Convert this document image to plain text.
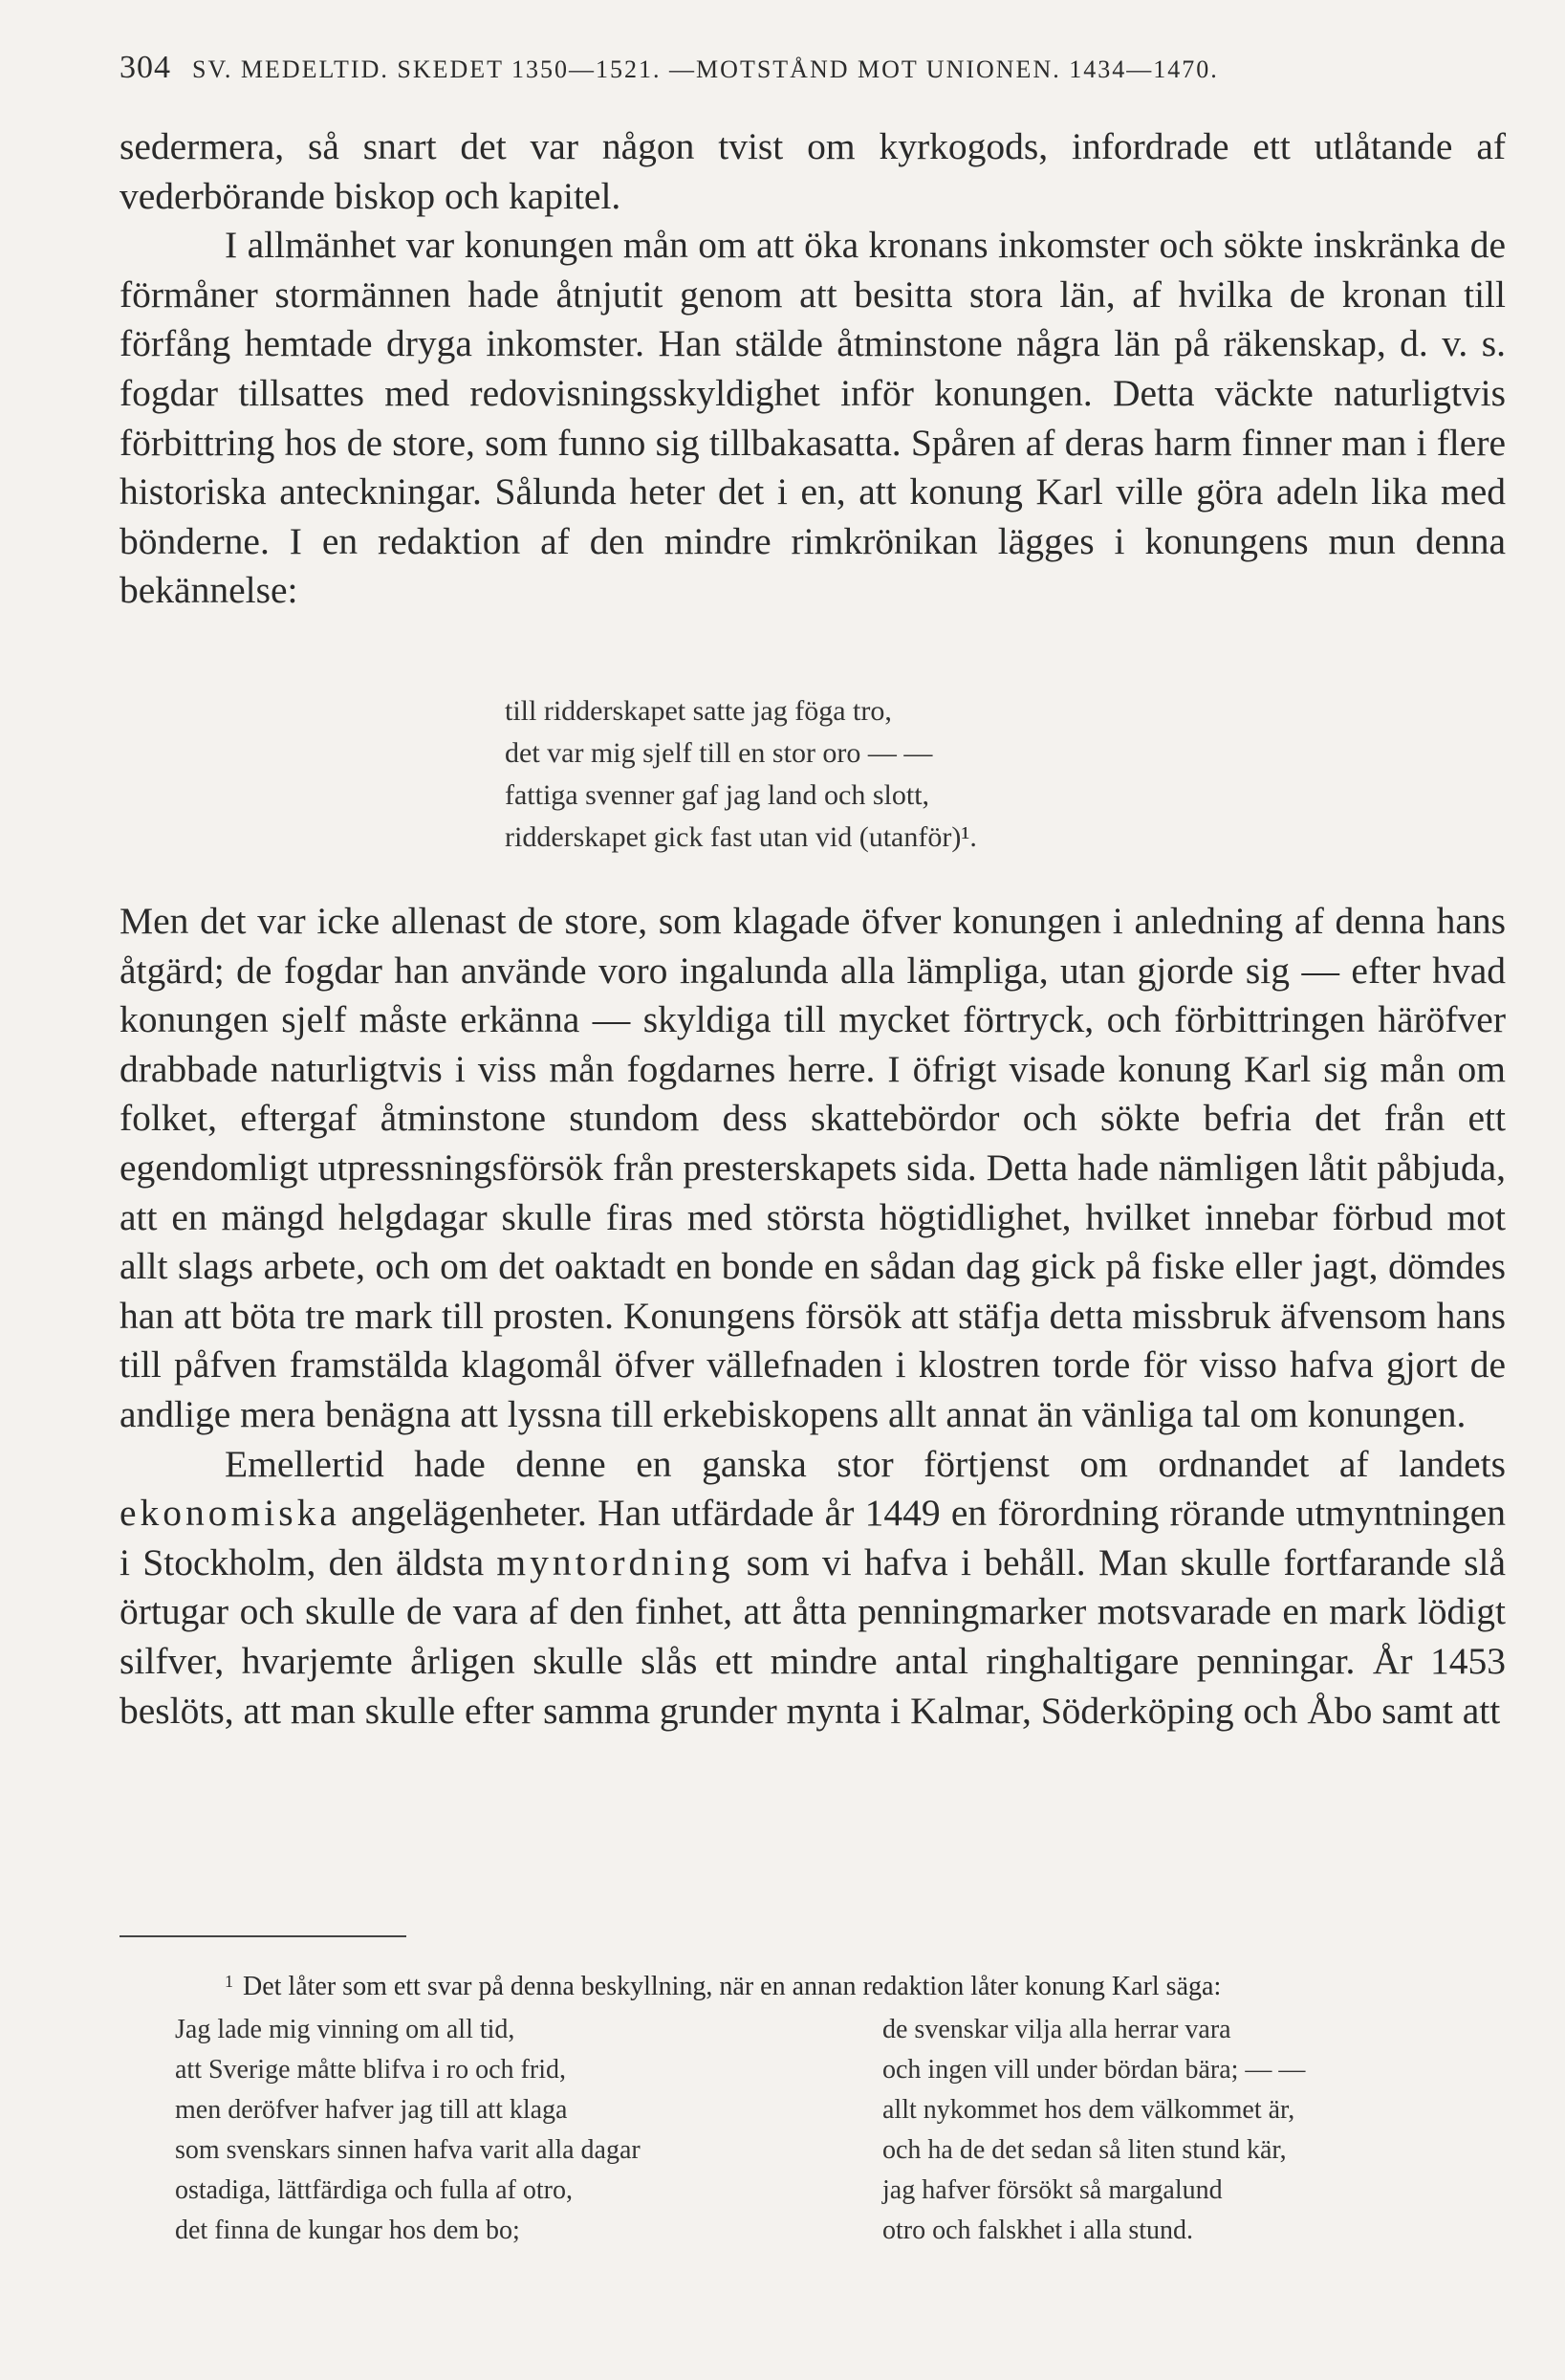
304 SV. MEDELTID. SKEDET 1350—1521. —MOTSTÅND MOT UNIONEN. 1434—1470.

sedermera, så snart det var någon tvist om kyrkogods, infordrade ett utlåtande af vederbörande biskop och kapitel.

I allmänhet var konungen mån om att öka kronans inkomster och sökte inskränka de förmåner stormännen hade åtnjutit genom att besitta stora län, af hvilka de kronan till förfång hemtade dryga inkomster. Han stälde åtminstone några län på räkenskap, d. v. s. fogdar tillsattes med redovisningsskyldighet inför konungen. Detta väckte naturligtvis förbittring hos de store, som funno sig tillbakasatta. Spåren af deras harm finner man i flere historiska anteckningar. Sålunda heter det i en, att konung Karl ville göra adeln lika med bönderne. I en redaktion af den mindre rimkrönikan lägges i konungens mun denna bekännelse:

till ridderskapet satte jag föga tro,
det var mig sjelf till en stor oro — —
fattiga svenner gaf jag land och slott,
ridderskapet gick fast utan vid (utanför)¹.

Men det var icke allenast de store, som klagade öfver konungen i anledning af denna hans åtgärd; de fogdar han använde voro ingalunda alla lämpliga, utan gjorde sig — efter hvad konungen sjelf måste erkänna — skyldiga till mycket förtryck, och förbittringen häröfver drabbade naturligtvis i viss mån fogdarnes herre. I öfrigt visade konung Karl sig mån om folket, eftergaf åtminstone stundom dess skattebördor och sökte befria det från ett egendomligt utpressningsförsök från presterskapets sida. Detta hade nämligen låtit påbjuda, att en mängd helgdagar skulle firas med största högtidlighet, hvilket innebar förbud mot allt slags arbete, och om det oaktadt en bonde en sådan dag gick på fiske eller jagt, dömdes han att böta tre mark till prosten. Konungens försök att stäfja detta missbruk äfvensom hans till påfven framstälda klagomål öfver vällefnaden i klostren torde för visso hafva gjort de andlige mera benägna att lyssna till erkebiskopens allt annat än vänliga tal om konungen.

Emellertid hade denne en ganska stor förtjenst om ordnandet af landets ekonomiska angelägenheter. Han utfärdade år 1449 en förordning rörande utmyntningen i Stockholm, den äldsta myntordning som vi hafva i behåll. Man skulle fortfarande slå örtugar och skulle de vara af den finhet, att åtta penningmarker motsvarade en mark lödigt silfver, hvarjemte årligen skulle slås ett mindre antal ringhaltigare penningar. År 1453 beslöts, att man skulle efter samma grunder mynta i Kalmar, Söderköping och Åbo samt att

$^1$ Det låter som ett svar på denna beskyllning, när en annan redaktion låter konung Karl säga:
Jag lade mig vinning om all tid,
att Sverige måtte blifva i ro och frid,
men deröfver hafver jag till att klaga
som svenskars sinnen hafva varit alla dagar
ostadiga, lättfärdiga och fulla af otro,
det finna de kungar hos dem bo;
de svenskar vilja alla herrar vara
och ingen vill under bördan bära; — —
allt nykommet hos dem välkommet är,
och ha de det sedan så liten stund kär,
jag hafver försökt så margalund
otro och falskhet i alla stund.
